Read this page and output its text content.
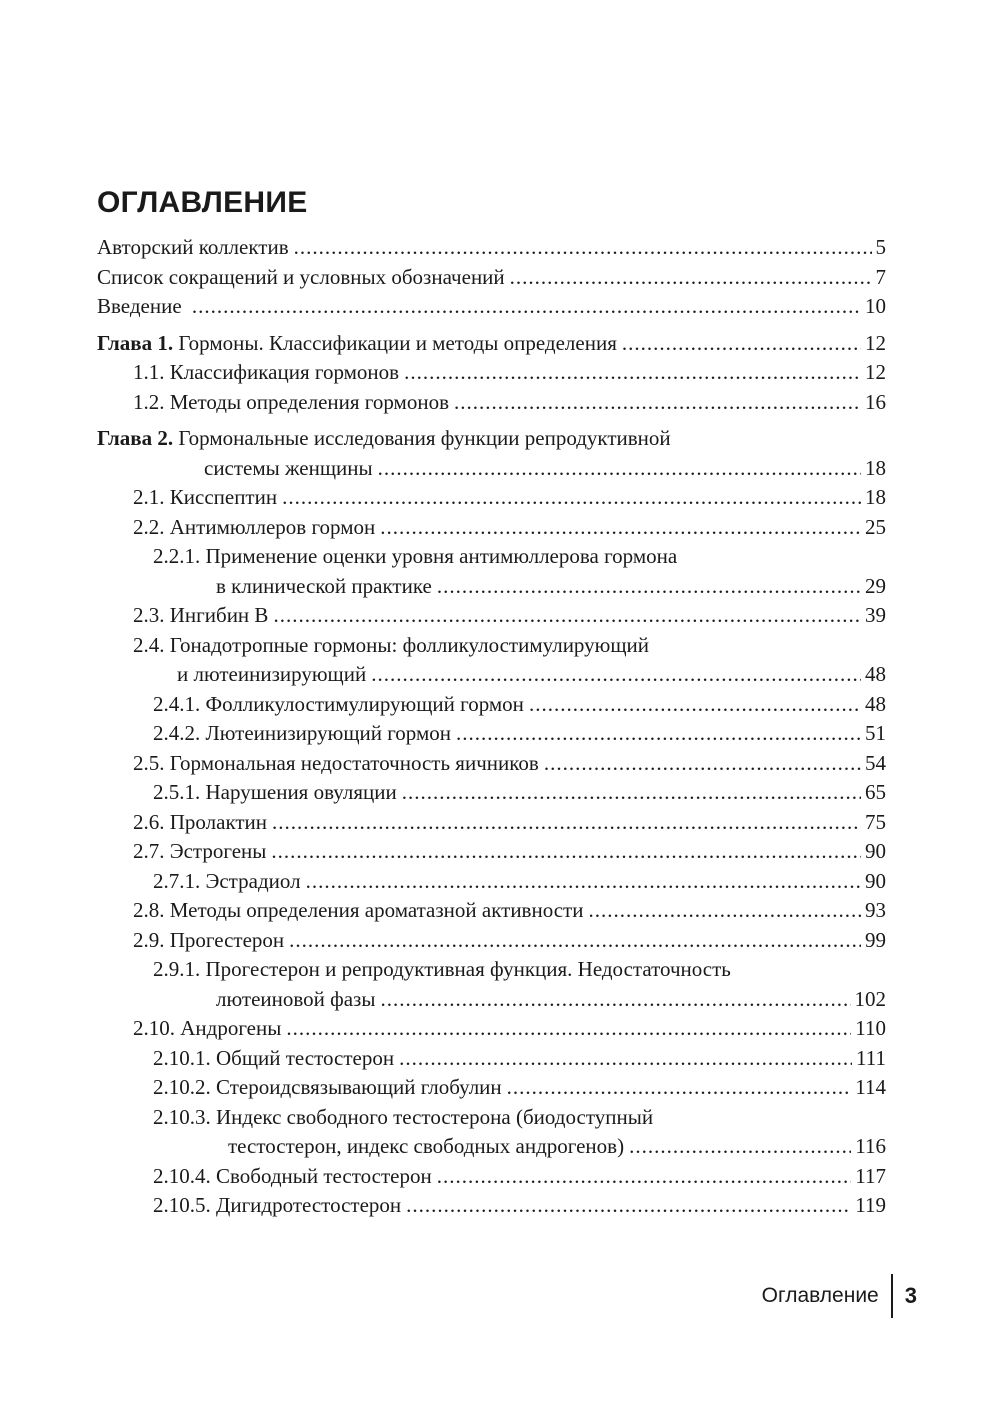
ОГЛАВЛЕНИЕ
Авторский коллектив .....	5
Список сокращений и условных обозначений .....	7
Введение .....	10
Глава 1. Гормоны. Классификации и методы определения .....	12
1.1. Классификация гормонов .....	12
1.2. Методы определения гормонов .....	16
Глава 2. Гормональные исследования функции репродуктивной
системы женщины .....	18
2.1. Кисспептин .....	18
2.2. Антимюллеров гормон .....	25
2.2.1. Применение оценки уровня антимюллерова гормона
в клинической практике .....	29
2.3. Ингибин B .....	39
2.4. Гонадотропные гормоны: фолликулостимулирующий
и лютеинизирующий .....	48
2.4.1. Фолликулостимулирующий гормон .....	48
2.4.2. Лютеинизирующий гормон .....	51
2.5. Гормональная недостаточность яичников .....	54
2.5.1. Нарушения овуляции .....	65
2.6. Пролактин .....	75
2.7. Эстрогены .....	90
2.7.1. Эстрадиол .....	90
2.8. Методы определения ароматазной активности .....	93
2.9. Прогестерон .....	99
2.9.1. Прогестерон и репродуктивная функция. Недостаточность
лютеиновой фазы .....	102
2.10. Андрогены .....	110
2.10.1. Общий тестостерон .....	111
2.10.2. Стероидсвязывающий глобулин .....	114
2.10.3. Индекс свободного тестостерона (биодоступный
тестостерон, индекс свободных андрогенов) .....	116
2.10.4. Свободный тестостерон .....	117
2.10.5. Дигидротестостерон .....	119
Оглавление 3
